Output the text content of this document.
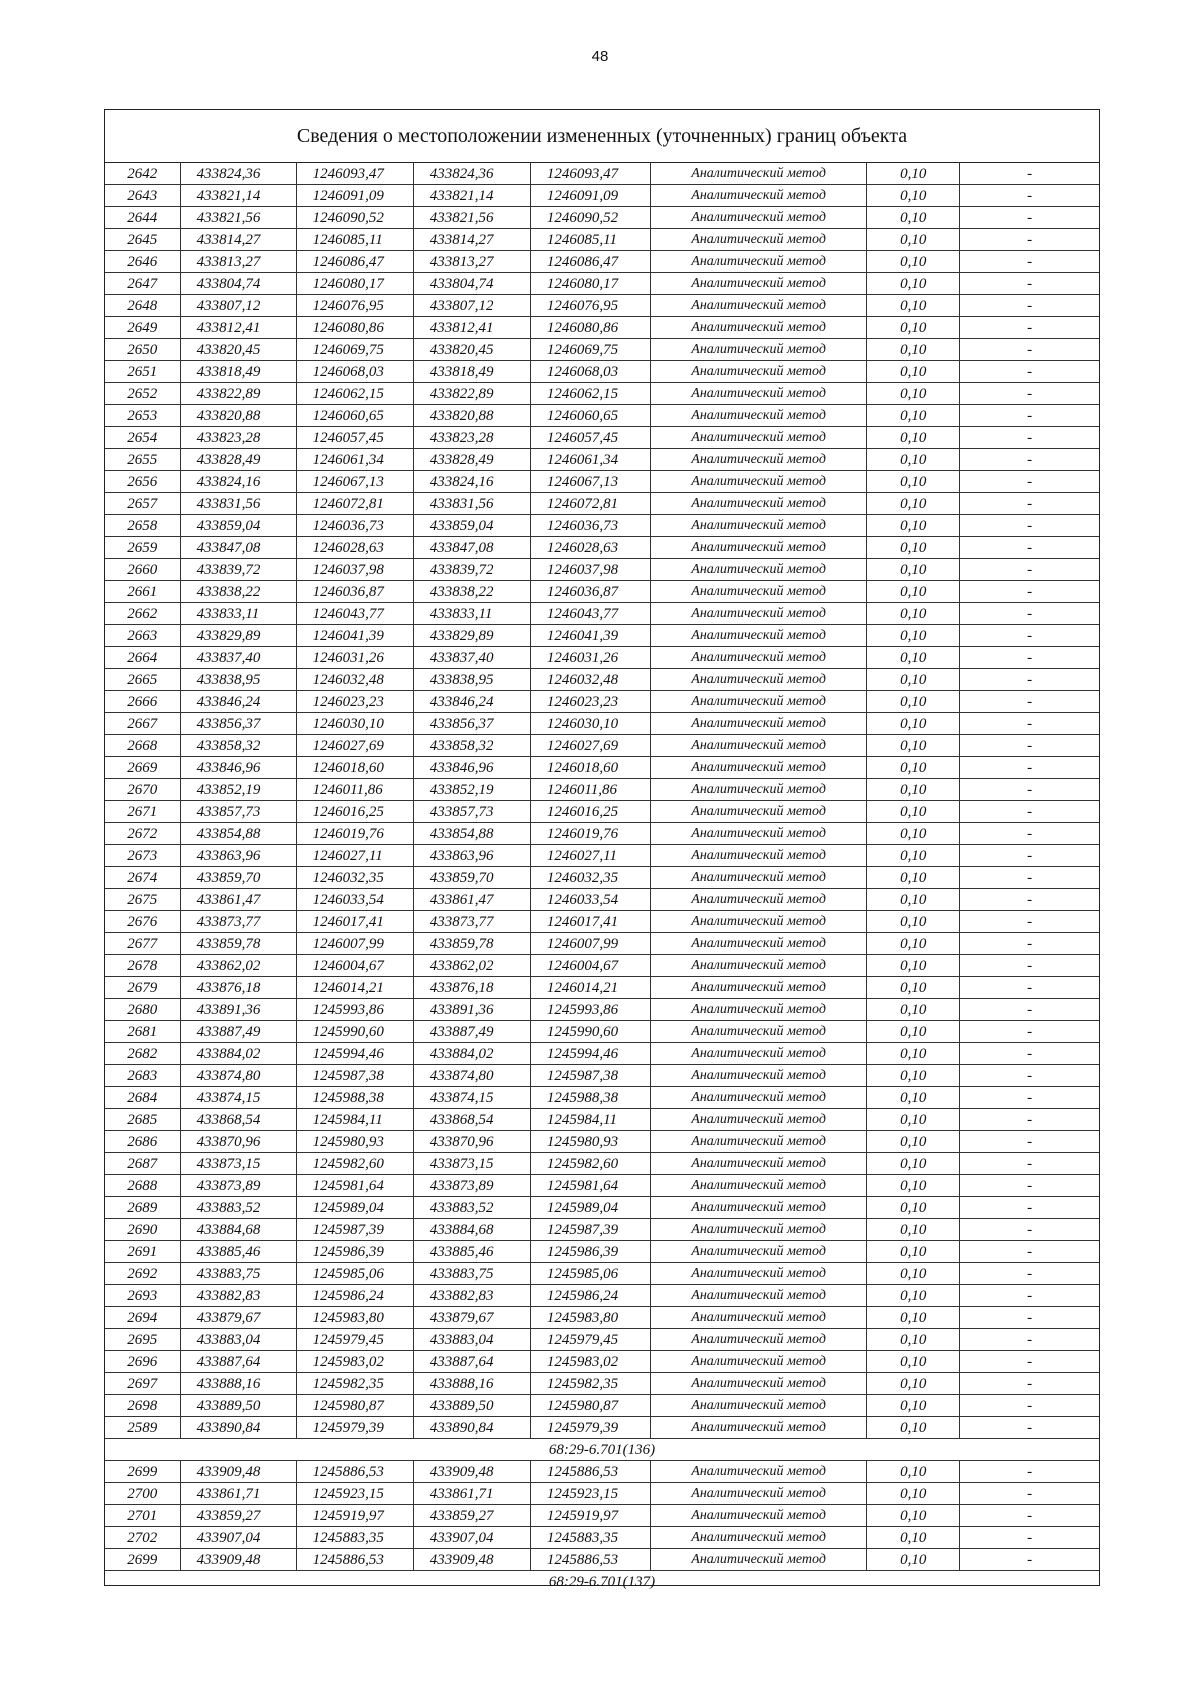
48
Сведения о местоположении измененных (уточненных) границ объекта
2642	433824,36	1246093,47	433824,36	1246093,47	Аналитический метод	0,10	-
2643	433821,14	1246091,09	433821,14	1246091,09	Аналитический метод	0,10	-
2644	433821,56	1246090,52	433821,56	1246090,52	Аналитический метод	0,10	-
2645	433814,27	1246085,11	433814,27	1246085,11	Аналитический метод	0,10	-
2646	433813,27	1246086,47	433813,27	1246086,47	Аналитический метод	0,10	-
2647	433804,74	1246080,17	433804,74	1246080,17	Аналитический метод	0,10	-
2648	433807,12	1246076,95	433807,12	1246076,95	Аналитический метод	0,10	-
2649	433812,41	1246080,86	433812,41	1246080,86	Аналитический метод	0,10	-
2650	433820,45	1246069,75	433820,45	1246069,75	Аналитический метод	0,10	-
2651	433818,49	1246068,03	433818,49	1246068,03	Аналитический метод	0,10	-
2652	433822,89	1246062,15	433822,89	1246062,15	Аналитический метод	0,10	-
2653	433820,88	1246060,65	433820,88	1246060,65	Аналитический метод	0,10	-
2654	433823,28	1246057,45	433823,28	1246057,45	Аналитический метод	0,10	-
2655	433828,49	1246061,34	433828,49	1246061,34	Аналитический метод	0,10	-
2656	433824,16	1246067,13	433824,16	1246067,13	Аналитический метод	0,10	-
2657	433831,56	1246072,81	433831,56	1246072,81	Аналитический метод	0,10	-
2658	433859,04	1246036,73	433859,04	1246036,73	Аналитический метод	0,10	-
2659	433847,08	1246028,63	433847,08	1246028,63	Аналитический метод	0,10	-
2660	433839,72	1246037,98	433839,72	1246037,98	Аналитический метод	0,10	-
2661	433838,22	1246036,87	433838,22	1246036,87	Аналитический метод	0,10	-
2662	433833,11	1246043,77	433833,11	1246043,77	Аналитический метод	0,10	-
2663	433829,89	1246041,39	433829,89	1246041,39	Аналитический метод	0,10	-
2664	433837,40	1246031,26	433837,40	1246031,26	Аналитический метод	0,10	-
2665	433838,95	1246032,48	433838,95	1246032,48	Аналитический метод	0,10	-
2666	433846,24	1246023,23	433846,24	1246023,23	Аналитический метод	0,10	-
2667	433856,37	1246030,10	433856,37	1246030,10	Аналитический метод	0,10	-
2668	433858,32	1246027,69	433858,32	1246027,69	Аналитический метод	0,10	-
2669	433846,96	1246018,60	433846,96	1246018,60	Аналитический метод	0,10	-
2670	433852,19	1246011,86	433852,19	1246011,86	Аналитический метод	0,10	-
2671	433857,73	1246016,25	433857,73	1246016,25	Аналитический метод	0,10	-
2672	433854,88	1246019,76	433854,88	1246019,76	Аналитический метод	0,10	-
2673	433863,96	1246027,11	433863,96	1246027,11	Аналитический метод	0,10	-
2674	433859,70	1246032,35	433859,70	1246032,35	Аналитический метод	0,10	-
2675	433861,47	1246033,54	433861,47	1246033,54	Аналитический метод	0,10	-
2676	433873,77	1246017,41	433873,77	1246017,41	Аналитический метод	0,10	-
2677	433859,78	1246007,99	433859,78	1246007,99	Аналитический метод	0,10	-
2678	433862,02	1246004,67	433862,02	1246004,67	Аналитический метод	0,10	-
2679	433876,18	1246014,21	433876,18	1246014,21	Аналитический метод	0,10	-
2680	433891,36	1245993,86	433891,36	1245993,86	Аналитический метод	0,10	-
2681	433887,49	1245990,60	433887,49	1245990,60	Аналитический метод	0,10	-
2682	433884,02	1245994,46	433884,02	1245994,46	Аналитический метод	0,10	-
2683	433874,80	1245987,38	433874,80	1245987,38	Аналитический метод	0,10	-
2684	433874,15	1245988,38	433874,15	1245988,38	Аналитический метод	0,10	-
2685	433868,54	1245984,11	433868,54	1245984,11	Аналитический метод	0,10	-
2686	433870,96	1245980,93	433870,96	1245980,93	Аналитический метод	0,10	-
2687	433873,15	1245982,60	433873,15	1245982,60	Аналитический метод	0,10	-
2688	433873,89	1245981,64	433873,89	1245981,64	Аналитический метод	0,10	-
2689	433883,52	1245989,04	433883,52	1245989,04	Аналитический метод	0,10	-
2690	433884,68	1245987,39	433884,68	1245987,39	Аналитический метод	0,10	-
2691	433885,46	1245986,39	433885,46	1245986,39	Аналитический метод	0,10	-
2692	433883,75	1245985,06	433883,75	1245985,06	Аналитический метод	0,10	-
2693	433882,83	1245986,24	433882,83	1245986,24	Аналитический метод	0,10	-
2694	433879,67	1245983,80	433879,67	1245983,80	Аналитический метод	0,10	-
2695	433883,04	1245979,45	433883,04	1245979,45	Аналитический метод	0,10	-
2696	433887,64	1245983,02	433887,64	1245983,02	Аналитический метод	0,10	-
2697	433888,16	1245982,35	433888,16	1245982,35	Аналитический метод	0,10	-
2698	433889,50	1245980,87	433889,50	1245980,87	Аналитический метод	0,10	-
2589	433890,84	1245979,39	433890,84	1245979,39	Аналитический метод	0,10	-
68:29-6.701(136)							
2699	433909,48	1245886,53	433909,48	1245886,53	Аналитический метод	0,10	-
2700	433861,71	1245923,15	433861,71	1245923,15	Аналитический метод	0,10	-
2701	433859,27	1245919,97	433859,27	1245919,97	Аналитический метод	0,10	-
2702	433907,04	1245883,35	433907,04	1245883,35	Аналитический метод	0,10	-
2699	433909,48	1245886,53	433909,48	1245886,53	Аналитический метод	0,10	-
68:29-6.701(137)							
